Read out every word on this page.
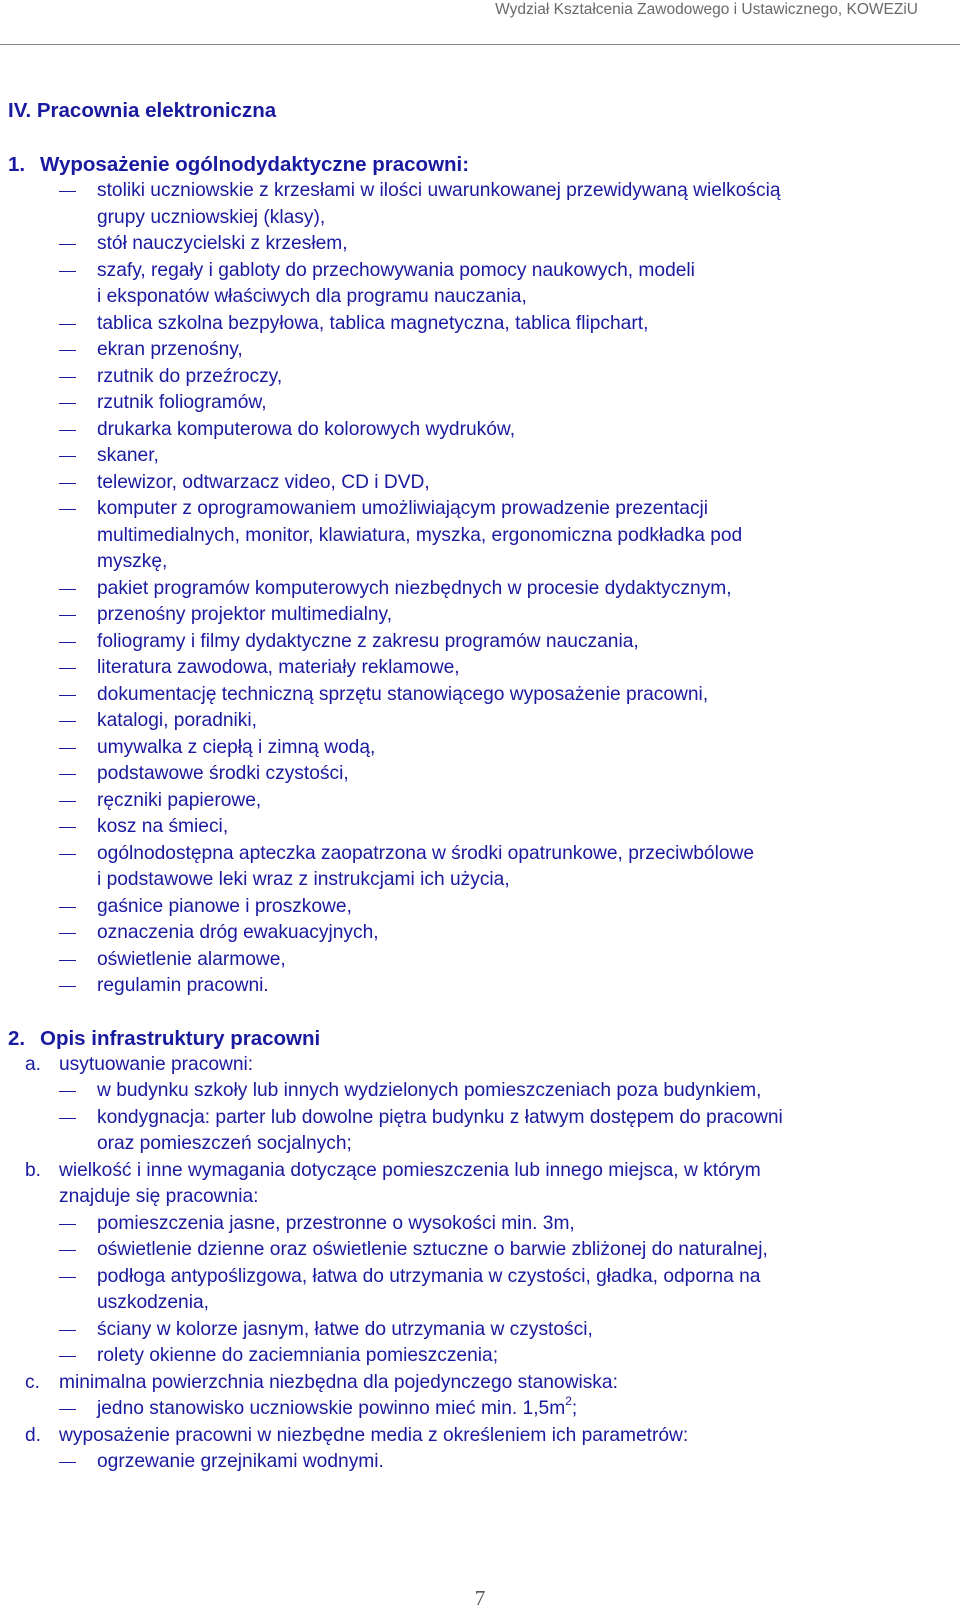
Wydział Kształcenia Zawodowego i Ustawicznego, KOWEZiU
IV. Pracownia elektroniczna
1. Wyposażenie ogólnodydaktyczne pracowni:
stoliki uczniowskie z krzesłami w ilości uwarunkowanej przewidywaną wielkością
grupy uczniowskiej (klasy),
stół nauczycielski z krzesłem,
szafy, regały i gabloty do przechowywania pomocy naukowych, modeli
i eksponatów właściwych dla programu nauczania,
tablica szkolna bezpyłowa, tablica magnetyczna, tablica flipchart,
ekran przenośny,
rzutnik do przeźroczy,
rzutnik foliogramów,
drukarka komputerowa do kolorowych wydruków,
skaner,
telewizor, odtwarzacz video, CD i DVD,
komputer z oprogramowaniem umożliwiającym prowadzenie prezentacji
multimedialnych, monitor, klawiatura, myszka, ergonomiczna podkładka pod
myszkę,
pakiet programów komputerowych niezbędnych w procesie dydaktycznym,
przenośny projektor multimedialny,
foliogramy i filmy dydaktyczne z zakresu programów nauczania,
literatura zawodowa, materiały reklamowe,
dokumentację techniczną sprzętu stanowiącego wyposażenie pracowni,
katalogi, poradniki,
umywalka z ciepłą i zimną wodą,
podstawowe środki czystości,
ręczniki papierowe,
kosz na śmieci,
ogólnodostępna apteczka zaopatrzona w środki opatrunkowe, przeciwbólowe
i podstawowe leki wraz z instrukcjami ich użycia,
gaśnice pianowe i proszkowe,
oznaczenia dróg ewakuacyjnych,
oświetlenie alarmowe,
regulamin pracowni.
2. Opis infrastruktury pracowni
a. usytuowanie pracowni:
w budynku szkoły lub innych wydzielonych pomieszczeniach poza budynkiem,
kondygnacja: parter lub dowolne piętra budynku z łatwym dostępem do pracowni
oraz pomieszczeń socjalnych;
b. wielkość i inne wymagania dotyczące pomieszczenia lub innego miejsca, w którym
znajduje się pracownia:
pomieszczenia jasne, przestronne o wysokości min. 3m,
oświetlenie dzienne oraz oświetlenie sztuczne o barwie zbliżonej do naturalnej,
podłoga antypoślizgowa, łatwa do utrzymania w czystości, gładka, odporna na
uszkodzenia,
ściany w kolorze jasnym, łatwe do utrzymania w czystości,
rolety okienne do zaciemniania pomieszczenia;
c. minimalna powierzchnia niezbędna dla pojedynczego stanowiska:
jedno stanowisko uczniowskie powinno mieć min. $1,5m^2$;
d. wyposażenie pracowni w niezbędne media z określeniem ich parametrów:
ogrzewanie grzejnikami wodnymi.
7
